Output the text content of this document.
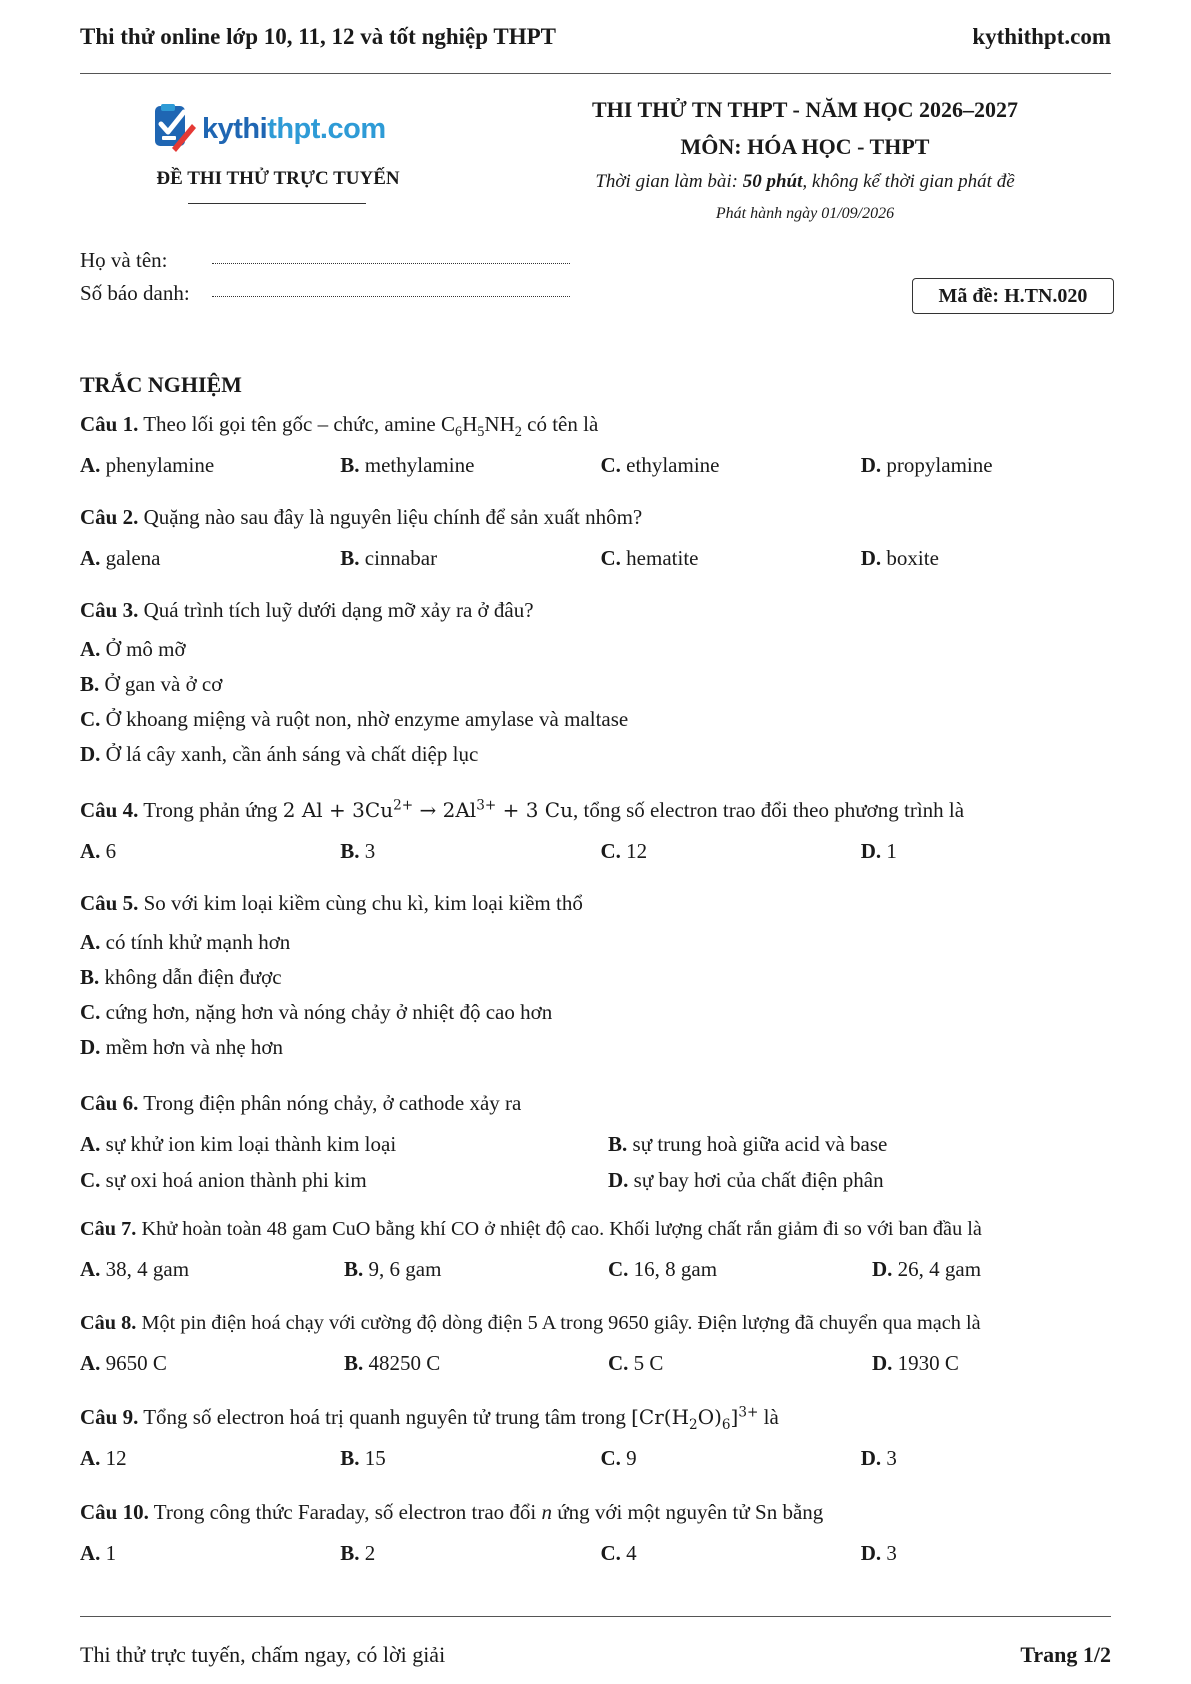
Thi thử online lớp 10, 11, 12 và tốt nghiệp THPT	kythithpt.com
kythithpt.com
ĐỀ THI THỬ TRỰC TUYẾN
THI THỬ TN THPT - NĂM HỌC 2026–2027
MÔN: HÓA HỌC - THPT
Thời gian làm bài: 50 phút, không kể thời gian phát đề
Phát hành ngày 01/09/2026
Họ và tên:
Số báo danh:	Mã đề: H.TN.020
TRẮC NGHIỆM
Câu 1. Theo lối gọi tên gốc – chức, amine $C_6H_5NH_2$ có tên là
A. phenylamine	B. methylamine	C. ethylamine	D. propylamine
Câu 2. Quặng nào sau đây là nguyên liệu chính để sản xuất nhôm?
A. galena	B. cinnabar	C. hematite	D. boxite
Câu 3. Quá trình tích luỹ dưới dạng mỡ xảy ra ở đâu?
A. Ở mô mỡ
B. Ở gan và ở cơ
C. Ở khoang miệng và ruột non, nhờ enzyme amylase và maltase
D. Ở lá cây xanh, cần ánh sáng và chất diệp lục
Câu 4. Trong phản ứng 2 $Al + 3Cu^{2+} \to 2Al^{3+} + 3$ Cu, tổng số electron trao đổi theo phương trình là
A. 6	B. 3	C. 12	D. 1
Câu 5. So với kim loại kiềm cùng chu kì, kim loại kiềm thổ
A. có tính khử mạnh hơn
B. không dẫn điện được
C. cứng hơn, nặng hơn và nóng chảy ở nhiệt độ cao hơn
D. mềm hơn và nhẹ hơn
Câu 6. Trong điện phân nóng chảy, ở cathode xảy ra
A. sự khử ion kim loại thành kim loại	B. sự trung hoà giữa acid và base
C. sự oxi hoá anion thành phi kim	D. sự bay hơi của chất điện phân
Câu 7. Khử hoàn toàn 48 gam CuO bằng khí CO ở nhiệt độ cao. Khối lượng chất rắn giảm đi so với ban đầu là
A. 38, 4 gam	B. 9, 6 gam	C. 16, 8 gam	D. 26, 4 gam
Câu 8. Một pin điện hoá chạy với cường độ dòng điện 5 A trong 9650 giây. Điện lượng đã chuyển qua mạch là
A. 9650 C	B. 48250 C	C. 5 C	D. 1930 C
Câu 9. Tổng số electron hoá trị quanh nguyên tử trung tâm trong $[Cr(H_2O)_6]^{3+}$ là
A. 12	B. 15	C. 9	D. 3
Câu 10. Trong công thức Faraday, số electron trao đổi n ứng với một nguyên tử Sn bằng
A. 1	B. 2	C. 4	D. 3
Thi thử trực tuyến, chấm ngay, có lời giải	Trang 1/2
